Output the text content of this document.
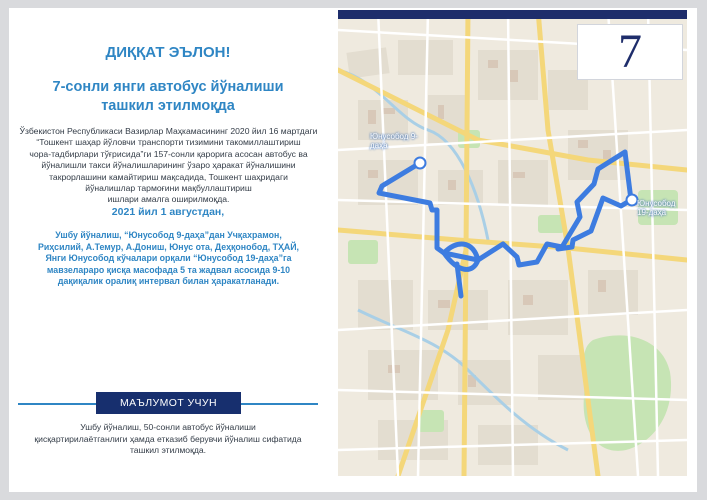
ДИҚҚАТ ЭЪЛОН!
7-сонли янги автобус йўналиши
ташкил этилмоқда
Ўзбекистон Республикаси Вазирлар Маҳкамасининг 2020 йил 16 мартдаги
“Тошкент шаҳар йўловчи транспорти тизимини такомиллаштириш
чора-тадбирлари тўғрисида”ги 157-сонли қарорига асосан автобус ва
йўналишли такси йўналишларининг ўзаро ҳаракат йўналишини
такрорлашини камайтириш мақсадида, Тошкент шаҳридаги
йўналишлар тармоғини мақбуллаштириш
ишлари амалга оширилмоқда.
2021 йил 1 августдан,
Ушбу йўналиш, “Юнусобод 9-даҳа”дан Учқахрамон,
Риҳсилий, А.Темур, А.Дониш, Юнус ота, Деҳқонобод, ТҲАЙ,
Янги Юнусобод кўчалари орқали “Юнусобод 19-даҳа”га
мавзелараро қисқа масофада 5 та жадвал асосида 9-10
дақиқалик оралиқ интервал билан ҳаракатланади.
МАЪЛУМОТ УЧУН
Ушбу йўналиш, 50-сонли автобус йўналиши
қисқартирилаётганлиги ҳамда етказиб берувчи йўналиш сифатида
ташкил этилмоқда.
Юнусобод 9-даҳа
Юнусобод 19-даҳа
7
